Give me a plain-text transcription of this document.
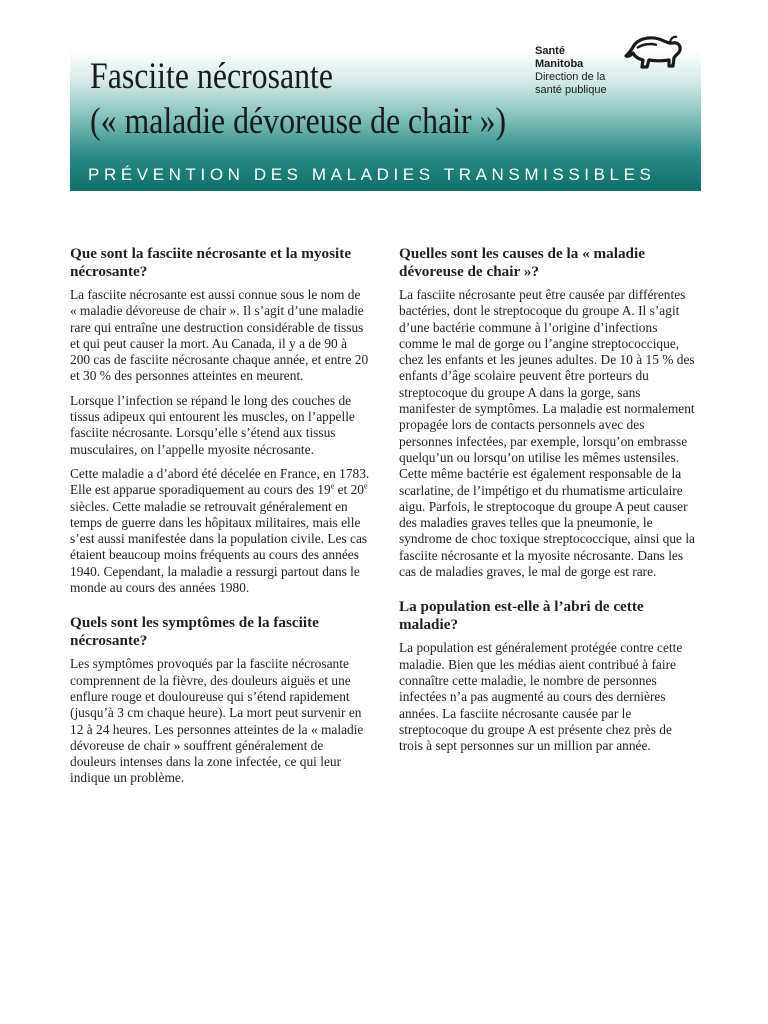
Fasciite nécrosante
(« maladie dévoreuse de chair »)
Santé
Manitoba
Direction de la
santé publique
PRÉVENTION DES MALADIES TRANSMISSIBLES
Que sont la fasciite nécrosante et la myosite nécrosante?

La fasciite nécrosante est aussi connue sous le nom de « maladie dévoreuse de chair ». Il s’agit d’une maladie rare qui entraîne une destruction considérable de tissus et qui peut causer la mort. Au Canada, il y a de 90 à 200 cas de fasciite nécrosante chaque année, et entre 20 et 30 % des personnes atteintes en meurent.

Lorsque l’infection se répand le long des couches de tissus adipeux qui entourent les muscles, on l’appelle fasciite nécrosante. Lorsqu’elle s’étend aux tissus musculaires, on l’appelle myosite nécrosante.

Cette maladie a d’abord été décelée en France, en 1783. Elle est apparue sporadiquement au cours des 19e et 20e siècles. Cette maladie se retrouvait généralement en temps de guerre dans les hôpitaux militaires, mais elle s’est aussi manifestée dans la population civile. Les cas étaient beaucoup moins fréquents au cours des années 1940. Cependant, la maladie a ressurgi partout dans le monde au cours des années 1980.

Quels sont les symptômes de la fasciite nécrosante?

Les symptômes provoqués par la fasciite nécrosante comprennent de la fièvre, des douleurs aiguës et une enflure rouge et douloureuse qui s’étend rapidement (jusqu’à 3 cm chaque heure). La mort peut survenir en 12 à 24 heures. Les personnes atteintes de la « maladie dévoreuse de chair » souffrent généralement de douleurs intenses dans la zone infectée, ce qui leur indique un problème.

Quelles sont les causes de la « maladie dévoreuse de chair »?

La fasciite nécrosante peut être causée par différentes bactéries, dont le streptocoque du groupe A. Il s’agit d’une bactérie commune à l’origine d’infections comme le mal de gorge ou l’angine streptococcique, chez les enfants et les jeunes adultes. De 10 à 15 % des enfants d’âge scolaire peuvent être porteurs du streptocoque du groupe A dans la gorge, sans manifester de symptômes. La maladie est normalement propagée lors de contacts personnels avec des personnes infectées, par exemple, lorsqu’on embrasse quelqu’un ou lorsqu’on utilise les mêmes ustensiles. Cette même bactérie est également responsable de la scarlatine, de l’impétigo et du rhumatisme articulaire aigu. Parfois, le streptocoque du groupe A peut causer des maladies graves telles que la pneumonie, le syndrome de choc toxique streptococcique, ainsi que la fasciite nécrosante et la myosite nécrosante. Dans les cas de maladies graves, le mal de gorge est rare.

La population est-elle à l’abri de cette maladie?

La population est généralement protégée contre cette maladie. Bien que les médias aient contribué à faire connaître cette maladie, le nombre de personnes infectées n’a pas augmenté au cours des dernières années. La fasciite nécrosante causée par le streptocoque du groupe A est présente chez près de trois à sept personnes sur un million par année.
